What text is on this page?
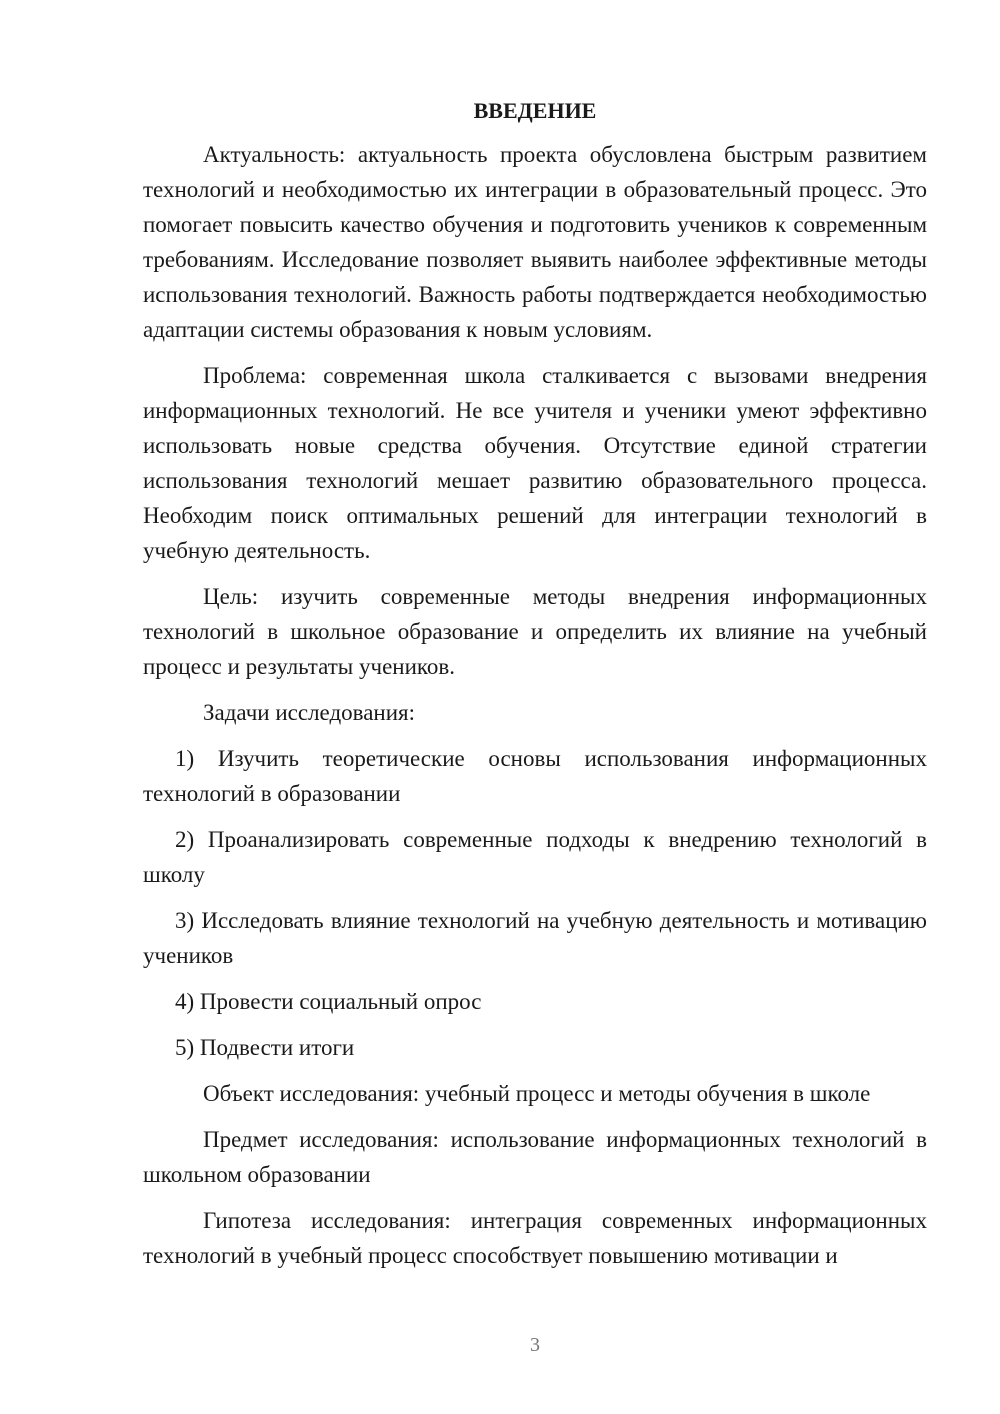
ВВЕДЕНИЕ

Актуальность: актуальность проекта обусловлена быстрым развитием технологий и необходимостью их интеграции в образовательный процесс. Это помогает повысить качество обучения и подготовить учеников к современным требованиям. Исследование позволяет выявить наиболее эффективные методы использования технологий. Важность работы подтверждается необходимостью адаптации системы образования к новым условиям.

Проблема: современная школа сталкивается с вызовами внедрения информационных технологий. Не все учителя и ученики умеют эффективно использовать новые средства обучения. Отсутствие единой стратегии использования технологий мешает развитию образовательного процесса. Необходим поиск оптимальных решений для интеграции технологий в учебную деятельность.

Цель: изучить современные методы внедрения информационных технологий в школьное образование и определить их влияние на учебный процесс и результаты учеников.

Задачи исследования:

1) Изучить теоретические основы использования информационных технологий в образовании

2) Проанализировать современные подходы к внедрению технологий в школу

3) Исследовать влияние технологий на учебную деятельность и мотивацию учеников

4) Провести социальный опрос

5) Подвести итоги

Объект исследования: учебный процесс и методы обучения в школе

Предмет исследования: использование информационных технологий в школьном образовании

Гипотеза исследования: интеграция современных информационных технологий в учебный процесс способствует повышению мотивации и

3
